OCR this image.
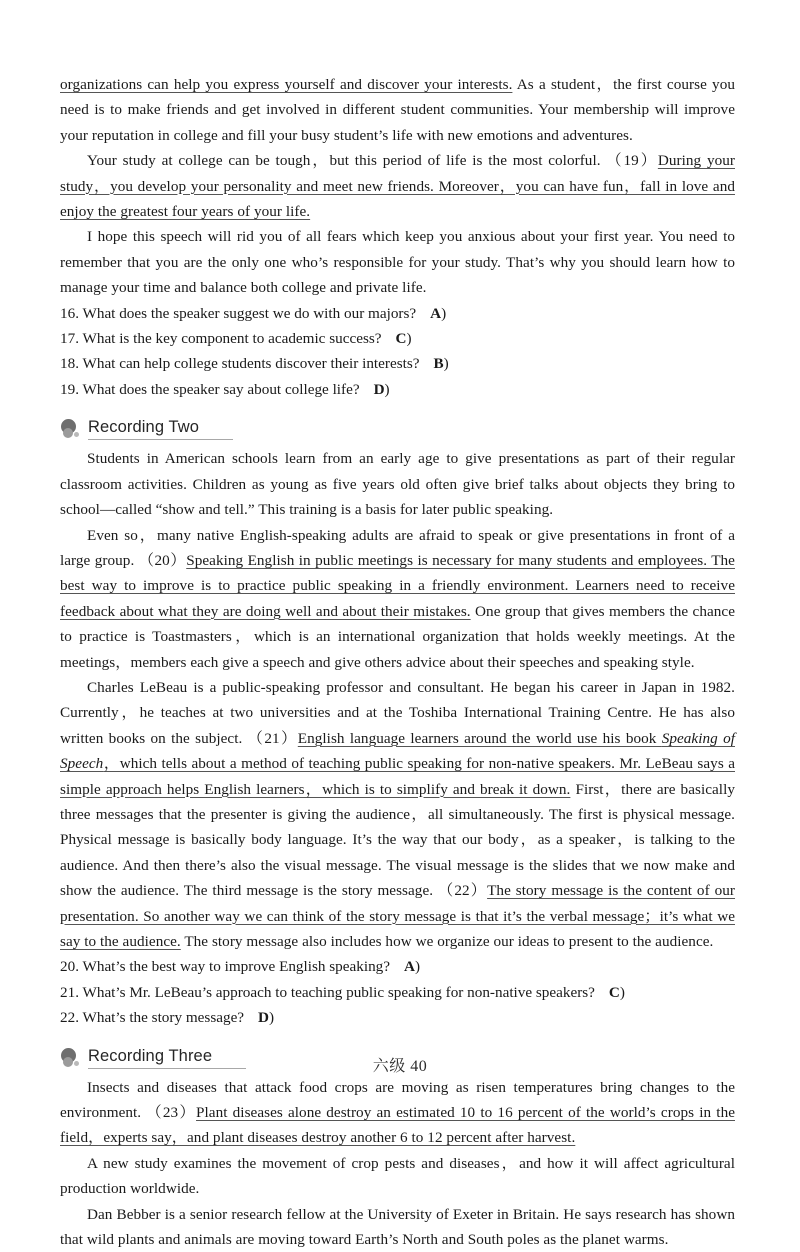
organizations can help you express yourself and discover your interests. As a student，the first course you need is to make friends and get involved in different student communities. Your membership will improve your reputation in college and fill your busy student’s life with new emotions and adventures.

Your study at college can be tough，but this period of life is the most colorful. （19）During your study，you develop your personality and meet new friends. Moreover，you can have fun，fall in love and enjoy the greatest four years of your life.

I hope this speech will rid you of all fears which keep you anxious about your first year. You need to remember that you are the only one who’s responsible for your study. That’s why you should learn how to manage your time and balance both college and private life.

16. What does the speaker suggest we do with our majors? A)

17. What is the key component to academic success? C)

18. What can help college students discover their interests? B)

19. What does the speaker say about college life? D)

Recording Two

Students in American schools learn from an early age to give presentations as part of their regular classroom activities. Children as young as five years old often give brief talks about objects they bring to school—called “show and tell.” This training is a basis for later public speaking.

Even so，many native English-speaking adults are afraid to speak or give presentations in front of a large group. （20）Speaking English in public meetings is necessary for many students and employees. The best way to improve is to practice public speaking in a friendly environment. Learners need to receive feedback about what they are doing well and about their mistakes. One group that gives members the chance to practice is Toastmasters，which is an international organization that holds weekly meetings. At the meetings，members each give a speech and give others advice about their speeches and speaking style.

Charles LeBeau is a public-speaking professor and consultant. He began his career in Japan in 1982. Currently，he teaches at two universities and at the Toshiba International Training Centre. He has also written books on the subject. （21）English language learners around the world use his book Speaking of Speech，which tells about a method of teaching public speaking for non-native speakers. Mr. LeBeau says a simple approach helps English learners，which is to simplify and break it down. First，there are basically three messages that the presenter is giving the audience，all simultaneously. The first is physical message. Physical message is basically body language. It’s the way that our body，as a speaker，is talking to the audience. And then there’s also the visual message. The visual message is the slides that we now make and show the audience. The third message is the story message. （22）The story message is the content of our presentation. So another way we can think of the story message is that it’s the verbal message；it’s what we say to the audience. The story message also includes how we organize our ideas to present to the audience.

20. What’s the best way to improve English speaking? A)

21. What’s Mr. LeBeau’s approach to teaching public speaking for non-native speakers? C)

22. What’s the story message? D)

Recording Three

Insects and diseases that attack food crops are moving as risen temperatures bring changes to the environment. （23）Plant diseases alone destroy an estimated 10 to 16 percent of the world’s crops in the field，experts say，and plant diseases destroy another 6 to 12 percent after harvest.

A new study examines the movement of crop pests and diseases，and how it will affect agricultural production worldwide.

Dan Bebber is a senior research fellow at the University of Exeter in Britain. He says research has shown that wild plants and animals are moving toward Earth’s North and South poles as the planet warms.

六级 40
